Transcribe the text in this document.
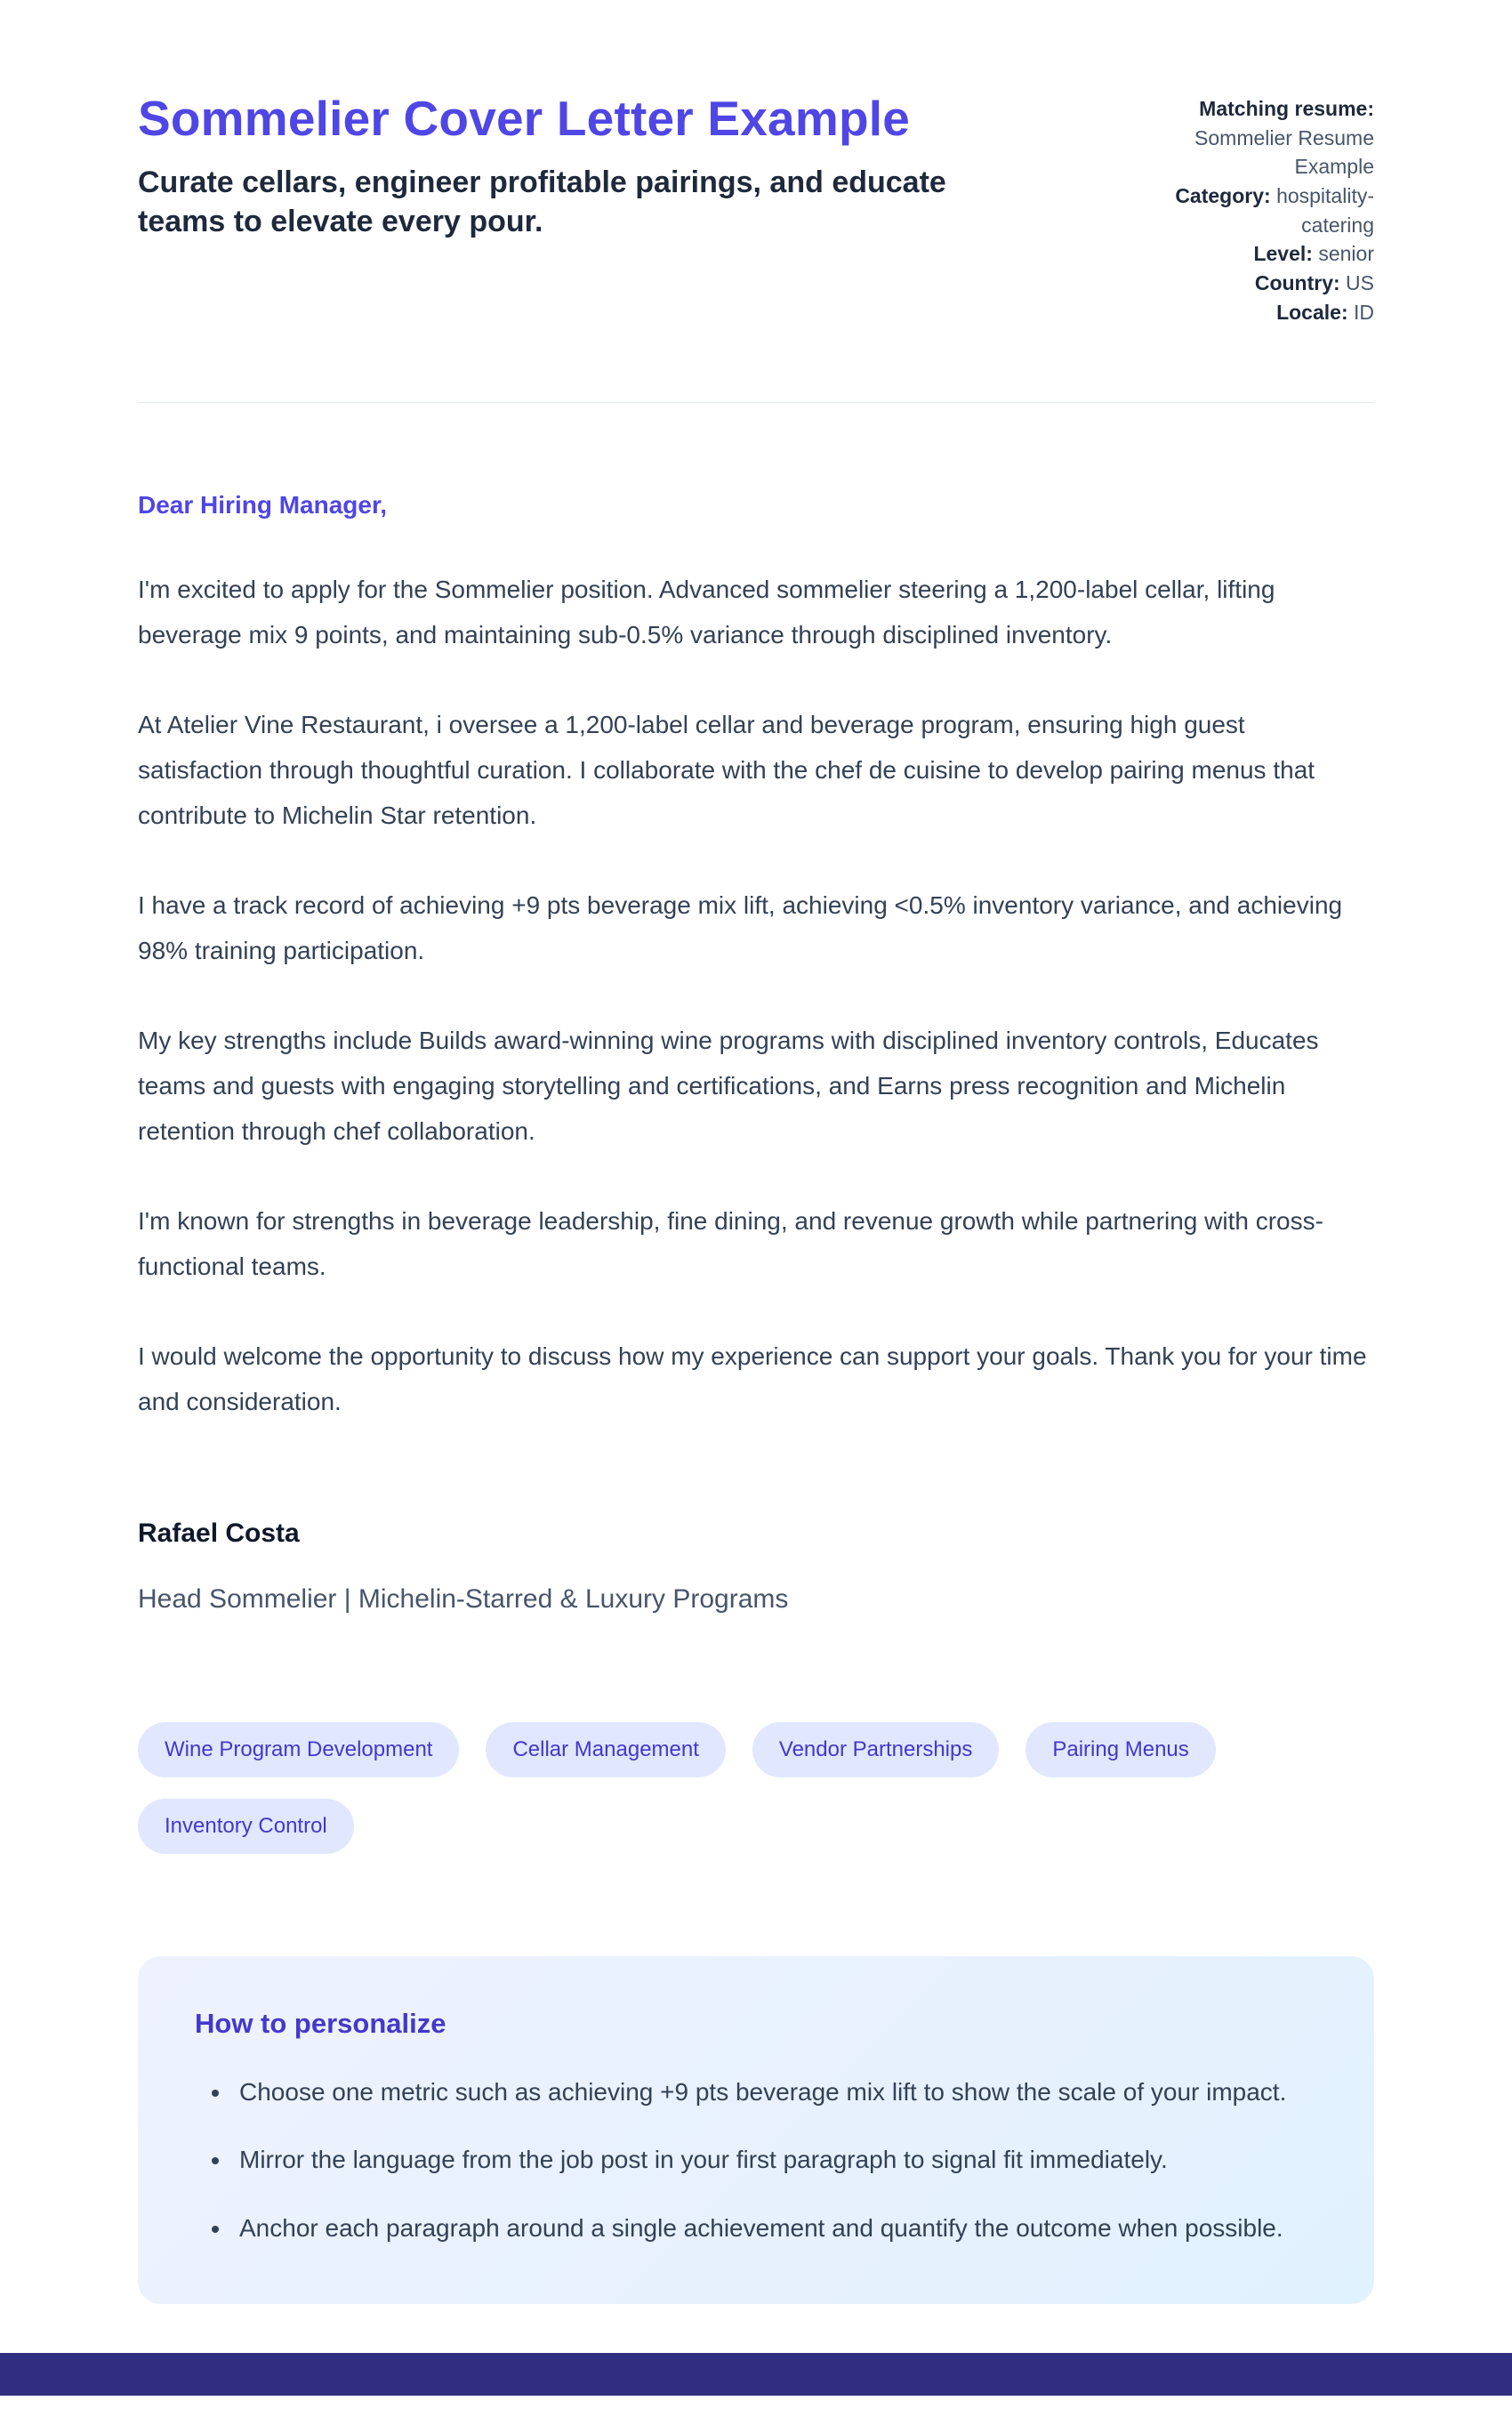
Sommelier Cover Letter Example

Curate cellars, engineer profitable pairings, and educate teams to elevate every pour.

Matching resume: Sommelier Resume Example
Category: hospitality-catering
Level: senior
Country: US
Locale: ID

Dear Hiring Manager,

I'm excited to apply for the Sommelier position. Advanced sommelier steering a 1,200-label cellar, lifting beverage mix 9 points, and maintaining sub-0.5% variance through disciplined inventory.

At Atelier Vine Restaurant, i oversee a 1,200-label cellar and beverage program, ensuring high guest satisfaction through thoughtful curation. I collaborate with the chef de cuisine to develop pairing menus that contribute to Michelin Star retention.

I have a track record of achieving +9 pts beverage mix lift, achieving <0.5% inventory variance, and achieving 98% training participation.

My key strengths include Builds award-winning wine programs with disciplined inventory controls, Educates teams and guests with engaging storytelling and certifications, and Earns press recognition and Michelin retention through chef collaboration.

I'm known for strengths in beverage leadership, fine dining, and revenue growth while partnering with cross-functional teams.

I would welcome the opportunity to discuss how my experience can support your goals. Thank you for your time and consideration.

Rafael Costa

Head Sommelier | Michelin-Starred & Luxury Programs

Wine Program Development	Cellar Management	Vendor Partnerships	Pairing Menus
Inventory Control
How to personalize
• Choose one metric such as achieving +9 pts beverage mix lift to show the scale of your impact.
• Mirror the language from the job post in your first paragraph to signal fit immediately.
• Anchor each paragraph around a single achievement and quantify the outcome when possible.
